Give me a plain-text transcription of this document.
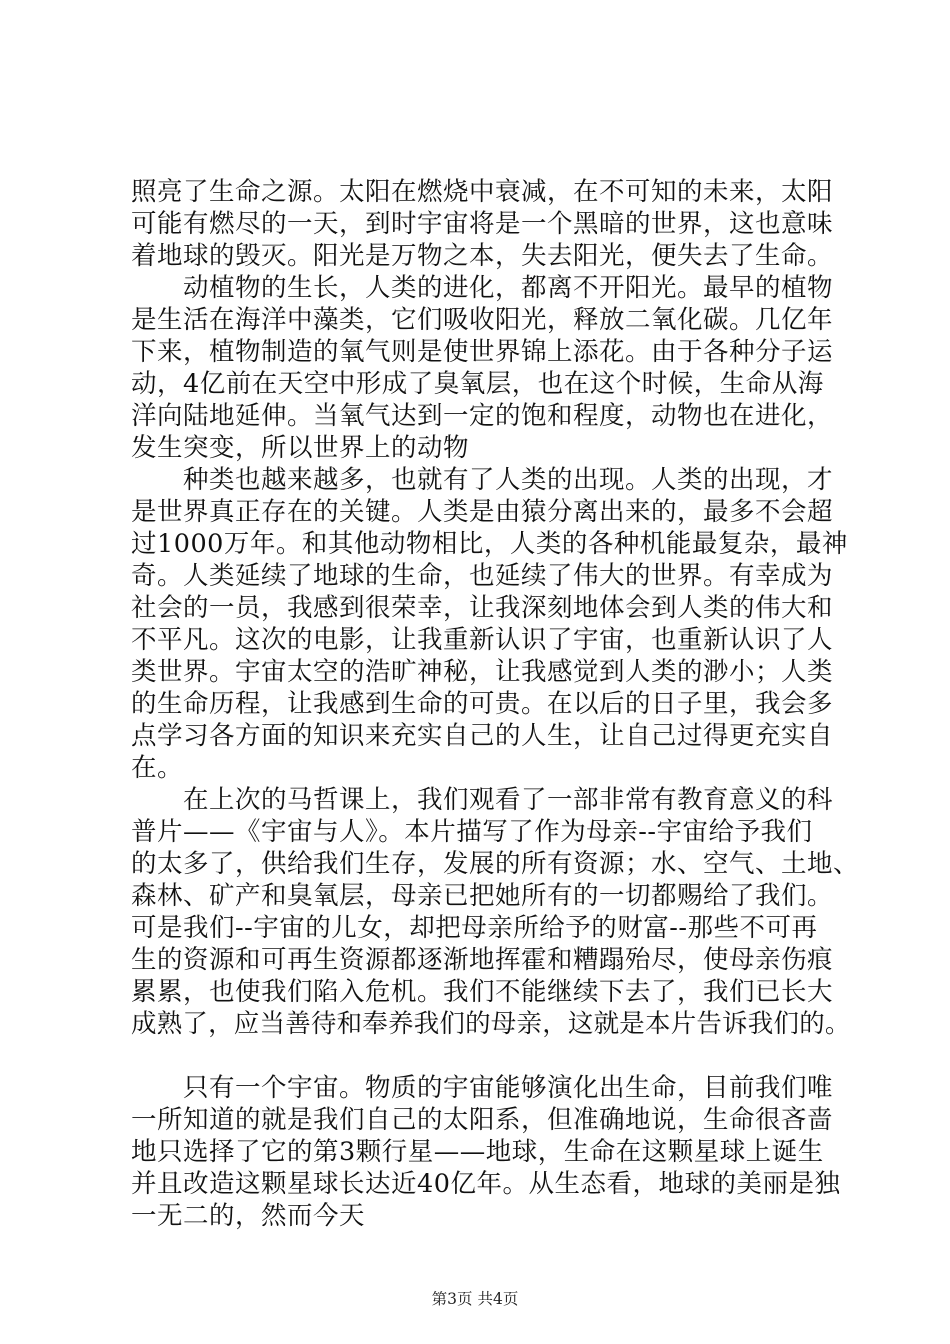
照亮了生命之源。太阳在燃烧中衰减，在不可知的未来，太阳
可能有燃尽的一天，到时宇宙将是一个黑暗的世界，这也意味
着地球的毁灭。阳光是万物之本，失去阳光，便失去了生命。
动植物的生长，人类的进化，都离不开阳光。最早的植物
是生活在海洋中藻类，它们吸收阳光，释放二氧化碳。几亿年
下来，植物制造的氧气则是使世界锦上添花。由于各种分子运
动，4亿前在天空中形成了臭氧层，也在这个时候，生命从海
洋向陆地延伸。当氧气达到一定的饱和程度，动物也在进化，
发生突变，所以世界上的动物
种类也越来越多，也就有了人类的出现。人类的出现，才
是世界真正存在的关键。人类是由猿分离出来的，最多不会超
过1000万年。和其他动物相比，人类的各种机能最复杂，最神
奇。人类延续了地球的生命，也延续了伟大的世界。有幸成为
社会的一员，我感到很荣幸，让我深刻地体会到人类的伟大和
不平凡。这次的电影，让我重新认识了宇宙，也重新认识了人
类世界。宇宙太空的浩旷神秘，让我感觉到人类的渺小；人类
的生命历程，让我感到生命的可贵。在以后的日子里，我会多
点学习各方面的知识来充实自己的人生，让自己过得更充实自
在。
在上次的马哲课上，我们观看了一部非常有教育意义的科
普片——《宇宙与人》。本片描写了作为母亲--宇宙给予我们
的太多了，供给我们生存，发展的所有资源；水、空气、土地、
森林、矿产和臭氧层，母亲已把她所有的一切都赐给了我们。
可是我们--宇宙的儿女，却把母亲所给予的财富--那些不可再
生的资源和可再生资源都逐渐地挥霍和糟蹋殆尽，使母亲伤痕
累累，也使我们陷入危机。我们不能继续下去了，我们已长大
成熟了，应当善待和奉养我们的母亲，这就是本片告诉我们的。
只有一个宇宙。物质的宇宙能够演化出生命，目前我们唯
一所知道的就是我们自己的太阳系，但准确地说，生命很吝啬
地只选择了它的第3颗行星——地球，生命在这颗星球上诞生
并且改造这颗星球长达近40亿年。从生态看，地球的美丽是独
一无二的，然而今天
第3页 共4页
